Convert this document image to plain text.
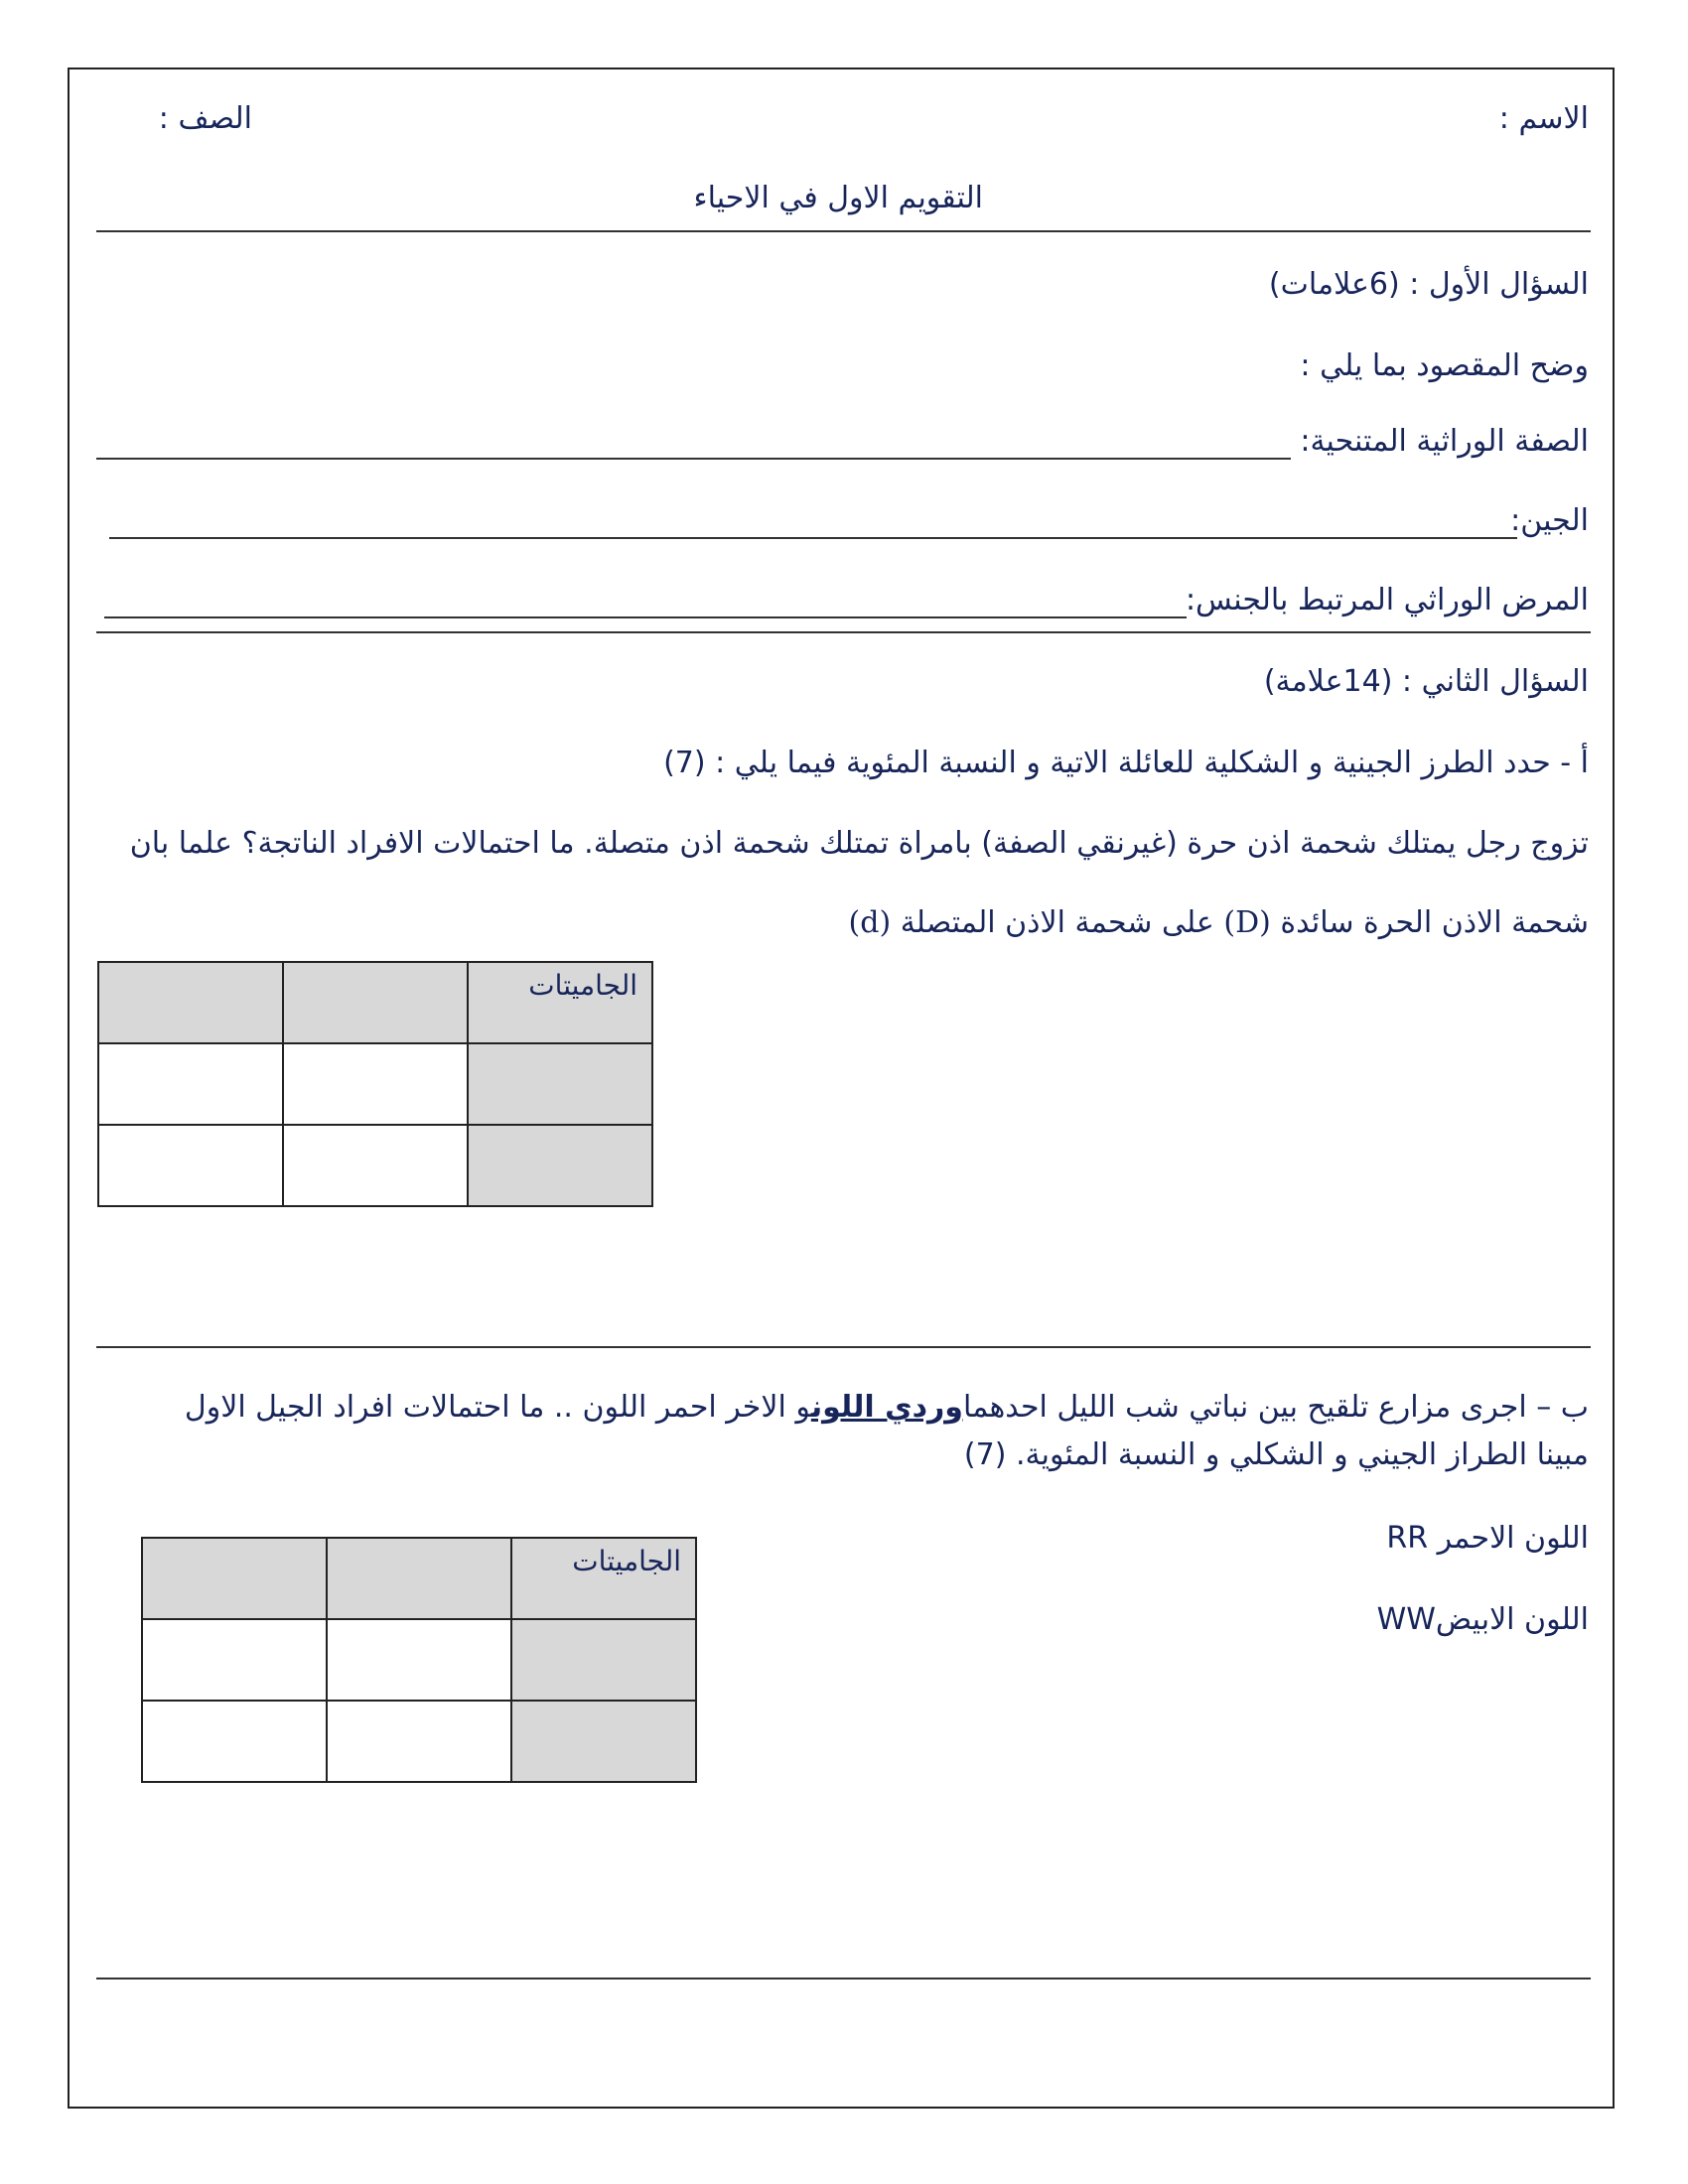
الاسم :
الصف :
التقويم الاول في الاحياء
السؤال الأول : (6علامات)
وضح المقصود بما يلي :
الصفة الوراثية المتنحية:
الجين:
المرض الوراثي المرتبط بالجنس:
السؤال الثاني : (14علامة)
أ - حدد الطرز الجينية و الشكلية للعائلة الاتية و النسبة المئوية فيما يلي : (7)
تزوج رجل يمتلك شحمة اذن حرة (غيرنقي الصفة) بامراة تمتلك شحمة اذن متصلة. ما احتمالات الافراد الناتجة؟ علما بان
شحمة الاذن الحرة سائدة (D) على شحمة الاذن المتصلة (d)
الجاميتات		

ب – اجرى مزارع تلقيح بين نباتي شب الليل احدهماوردي اللونو الاخر احمر اللون .. ما احتمالات افراد الجيل الاول
مبينا الطراز الجيني و الشكلي و النسبة المئوية. (7)
اللون الاحمر RR
اللون الابيضWW
الجاميتات		
